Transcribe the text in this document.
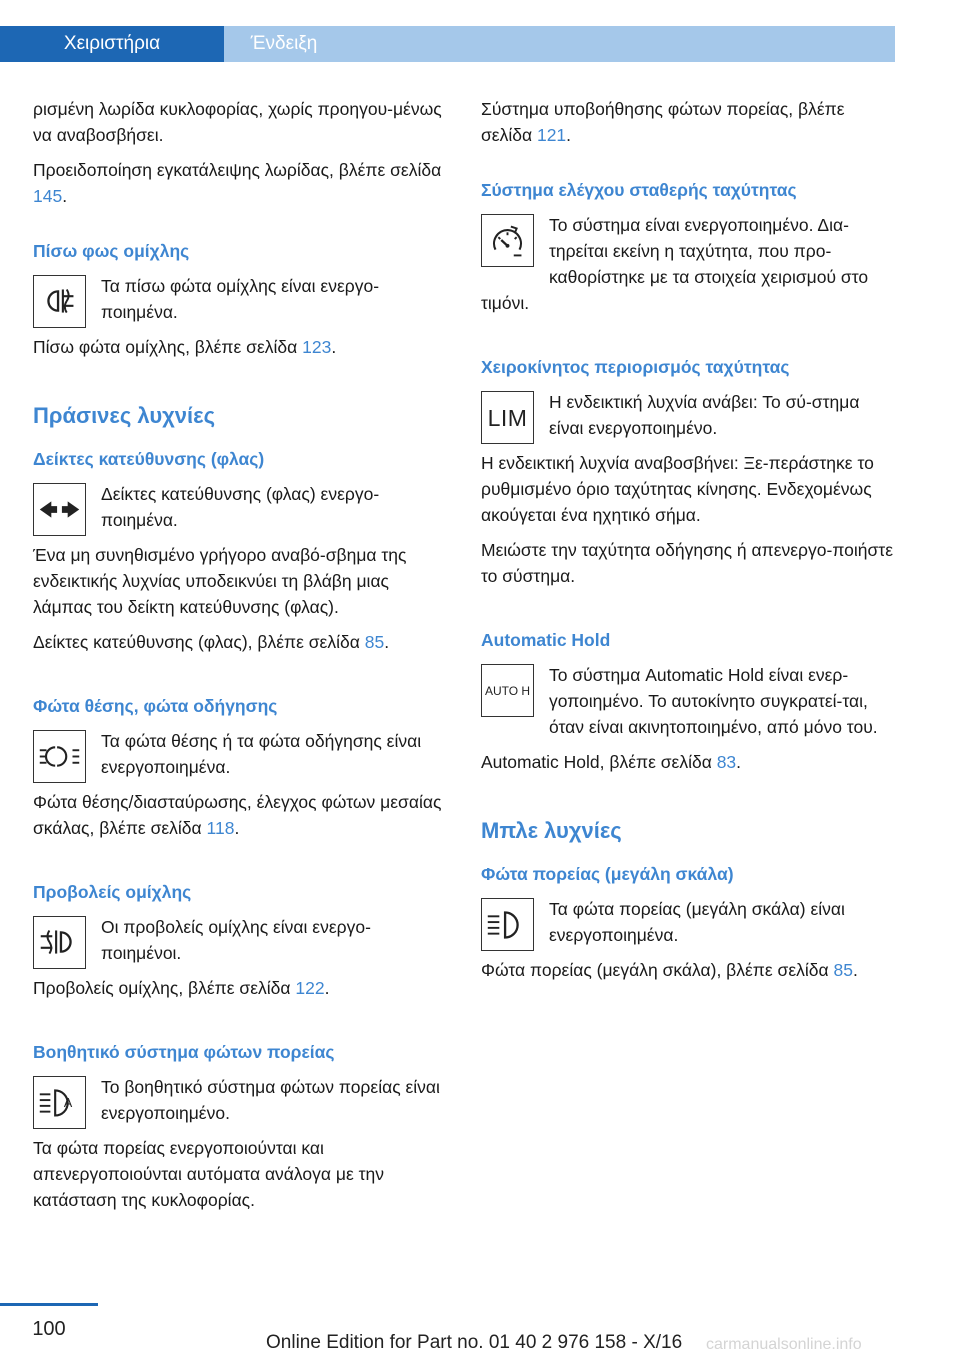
Χειριστήρια	Ένδειξη

ρισμένη λωρίδα κυκλοφορίας, χωρίς προηγου-μένως να αναβοσβήσει.

Προειδοποίηση εγκατάλειψης λωρίδας, βλέπε σελίδα 145.

Πίσω φως ομίχλης

Τα πίσω φώτα ομίχλης είναι ενεργο-ποιημένα.

Πίσω φώτα ομίχλης, βλέπε σελίδα 123.

Πράσινες λυχνίες
Δείκτες κατεύθυνσης (φλας)

Δείκτες κατεύθυνσης (φλας) ενεργο-ποιημένα.

Ένα μη συνηθισμένο γρήγορο αναβό-σβημα της ενδεικτικής λυχνίας υποδεικνύει τη βλάβη μιας λάμπας του δείκτη κατεύθυνσης (φλας).

Δείκτες κατεύθυνσης (φλας), βλέπε σελίδα 85.

Φώτα θέσης, φώτα οδήγησης

Τα φώτα θέσης ή τα φώτα οδήγησης είναι ενεργοποιημένα.

Φώτα θέσης/διασταύρωσης, έλεγχος φώτων μεσαίας σκάλας, βλέπε σελίδα 118.

Προβολείς ομίχλης

Οι προβολείς ομίχλης είναι ενεργο-ποιημένοι.

Προβολείς ομίχλης, βλέπε σελίδα 122.

Βοηθητικό σύστημα φώτων πορείας
A

Το βοηθητικό σύστημα φώτων πορείας είναι ενεργοποιημένο.

Τα φώτα πορείας ενεργοποιούνται και απενεργοποιούνται αυτόματα ανάλογα με την κατάσταση της κυκλοφορίας.

Σύστημα υποβοήθησης φώτων πορείας, βλέπε σελίδα 121.

Σύστημα ελέγχου σταθερής ταχύτητας

Το σύστημα είναι ενεργοποιημένο. Δια-τηρείται εκείνη η ταχύτητα, που προ-καθορίστηκε με τα στοιχεία χειρισμού στο τιμόνι.

Χειροκίνητος περιορισμός ταχύτητας
LIM

Η ενδεικτική λυχνία ανάβει: Το σύ-στημα είναι ενεργοποιημένο.

Η ενδεικτική λυχνία αναβοσβήνει: Ξε-περάστηκε το ρυθμισμένο όριο ταχύτητας κίνησης. Ενδεχομένως ακούγεται ένα ηχητικό σήμα.

Μειώστε την ταχύτητα οδήγησης ή απενεργο-ποιήστε το σύστημα.

Automatic Hold
AUTO H

Το σύστημα Automatic Hold είναι ενερ-γοποιημένο. Το αυτοκίνητο συγκρατεί-ται, όταν είναι ακινητοποιημένο, από μόνο του.

Automatic Hold, βλέπε σελίδα 83.

Μπλε λυχνίες
Φώτα πορείας (μεγάλη σκάλα)

Τα φώτα πορείας (μεγάλη σκάλα) είναι ενεργοποιημένα.

Φώτα πορείας (μεγάλη σκάλα), βλέπε σελίδα 85.

100
Online Edition for Part no. 01 40 2 976 158 - X/16 carmanualsonline.info
